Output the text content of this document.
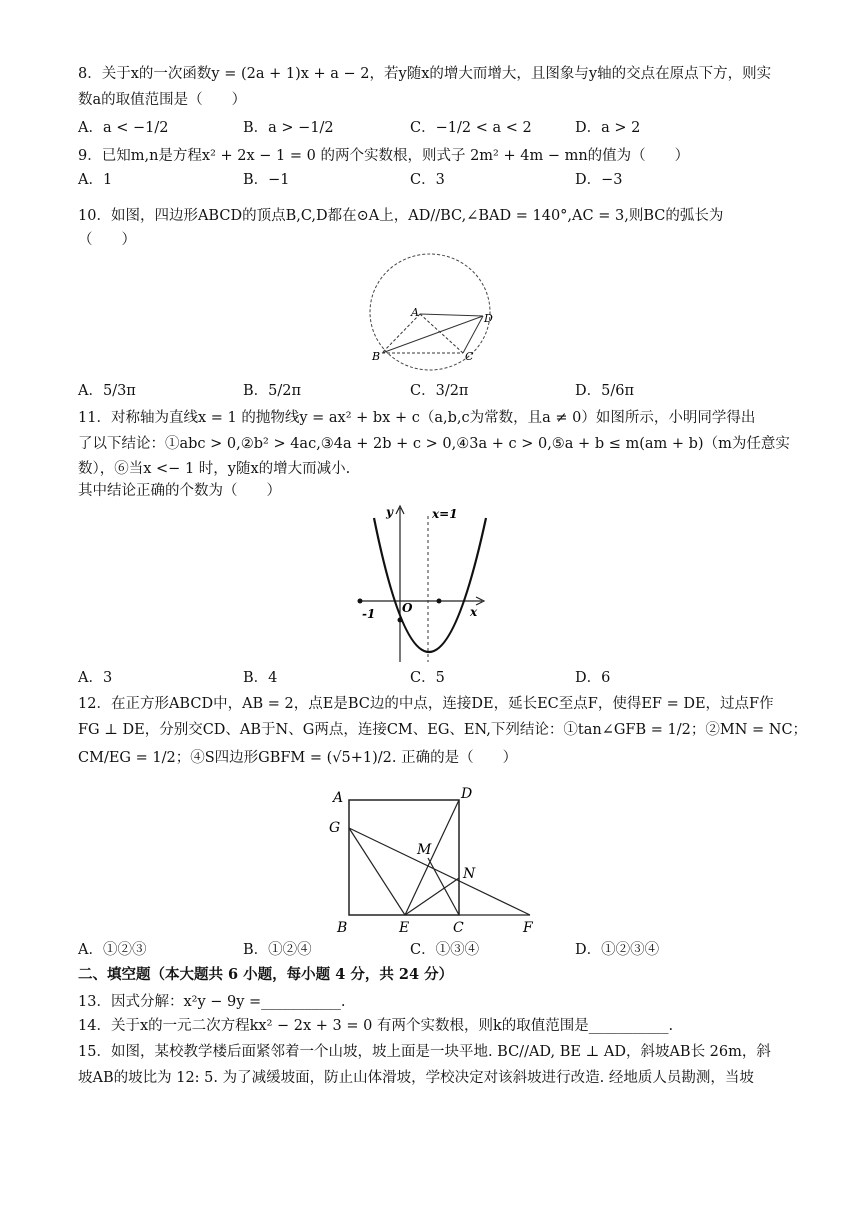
8．关于x的一次函数y = (2a + 1)x + a − 2，若y随x的增大而增大，且图象与y轴的交点在原点下方，则实
数a的取值范围是（　　）
A．a < −1/2	B．a > −1/2	C．−1/2 < a < 2	D．a > 2
9．已知m,n是方程x² + 2x − 1 = 0 的两个实数根，则式子 2m² + 4m − mn的值为（　　）
A．1	B．−1	C．3	D．−3
10．如图，四边形ABCD的顶点B,C,D都在⊙A上，AD//BC,∠BAD = 140°,AC = 3,则BC的弧长为
（　　）
A	D
B	C
A．5/3π	B．5/2π	C．3/2π	D．5/6π
11．对称轴为直线x = 1 的抛物线y = ax² + bx + c（a,b,c为常数，且a ≠ 0）如图所示，小明同学得出
了以下结论：①abc > 0,②b² > 4ac,③4a + 2b + c > 0,④3a + c > 0,⑤a + b ≤ m(am + b)（m为任意实
数），⑥当x <− 1 时，y随x的增大而减小.
其中结论正确的个数为（　　）
y	x=1
-1 O	x
A．3	B．4	C．5	D．6
12．在正方形ABCD中，AB = 2，点E是BC边的中点，连接DE，延长EC至点F，使得EF = DE，过点F作
FG ⊥ DE，分别交CD、AB于N、G两点，连接CM、EG、EN,下列结论：①tan∠GFB = 1/2；②MN = NC；
CM/EG = 1/2；④S四边形GBFM = (√5+1)/2. 正确的是（　　）
A	D
G
M
N
B	E	C	F
A．①②③	B．①②④	C．①③④	D．①②③④
二、填空题（本大题共 6 小题，每小题 4 分，共 24 分）
13．因式分解：x²y − 9y =___________.
14．关于x的一元二次方程kx² − 2x + 3 = 0 有两个实数根，则k的取值范围是___________.
15．如图，某校教学楼后面紧邻着一个山坡，坡上面是一块平地. BC//AD, BE ⊥ AD，斜坡AB长 26m，斜
坡AB的坡比为 12: 5. 为了减缓坡面，防止山体滑坡，学校决定对该斜坡进行改造. 经地质人员勘测，当坡
